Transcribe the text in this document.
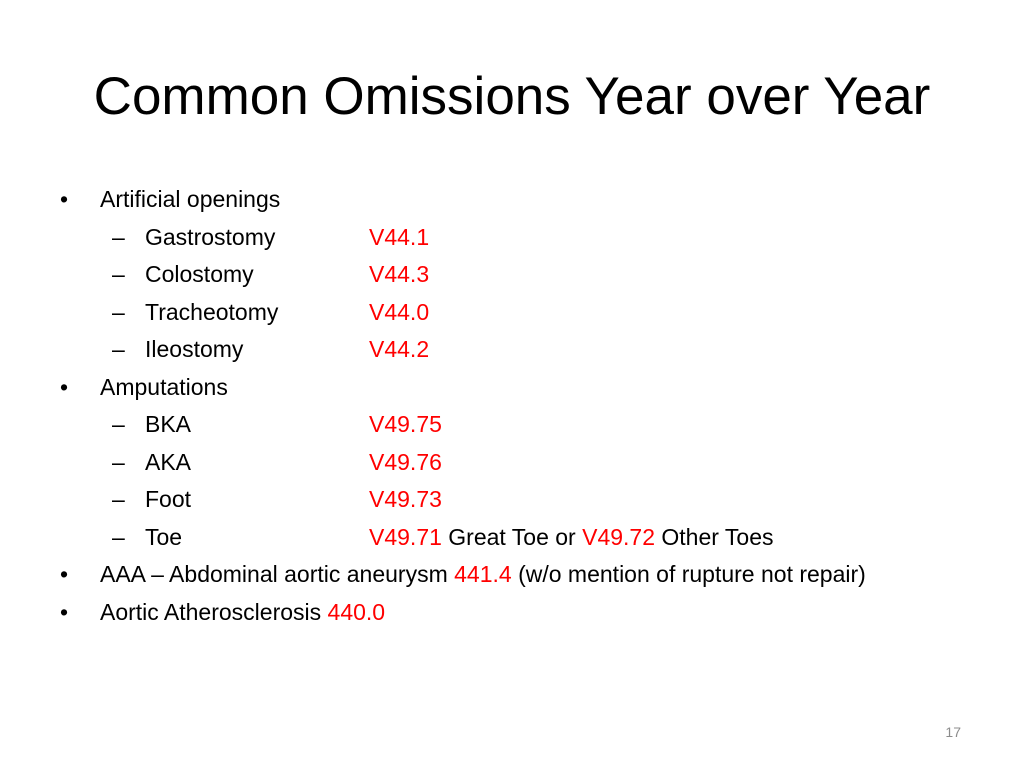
Common Omissions Year over Year
•	Artificial openings
– Gastrostomy	V44.1
– Colostomy	V44.3
– Tracheotomy	V44.0
– Ileostomy	V44.2
•	Amputations
– BKA	V49.75
– AKA	V49.76
– Foot	V49.73
– Toe	V49.71 Great Toe or V49.72 Other Toes
•	AAA – Abdominal aortic aneurysm 441.4 (w/o mention of rupture not repair)
•	Aortic Atherosclerosis 440.0
17
